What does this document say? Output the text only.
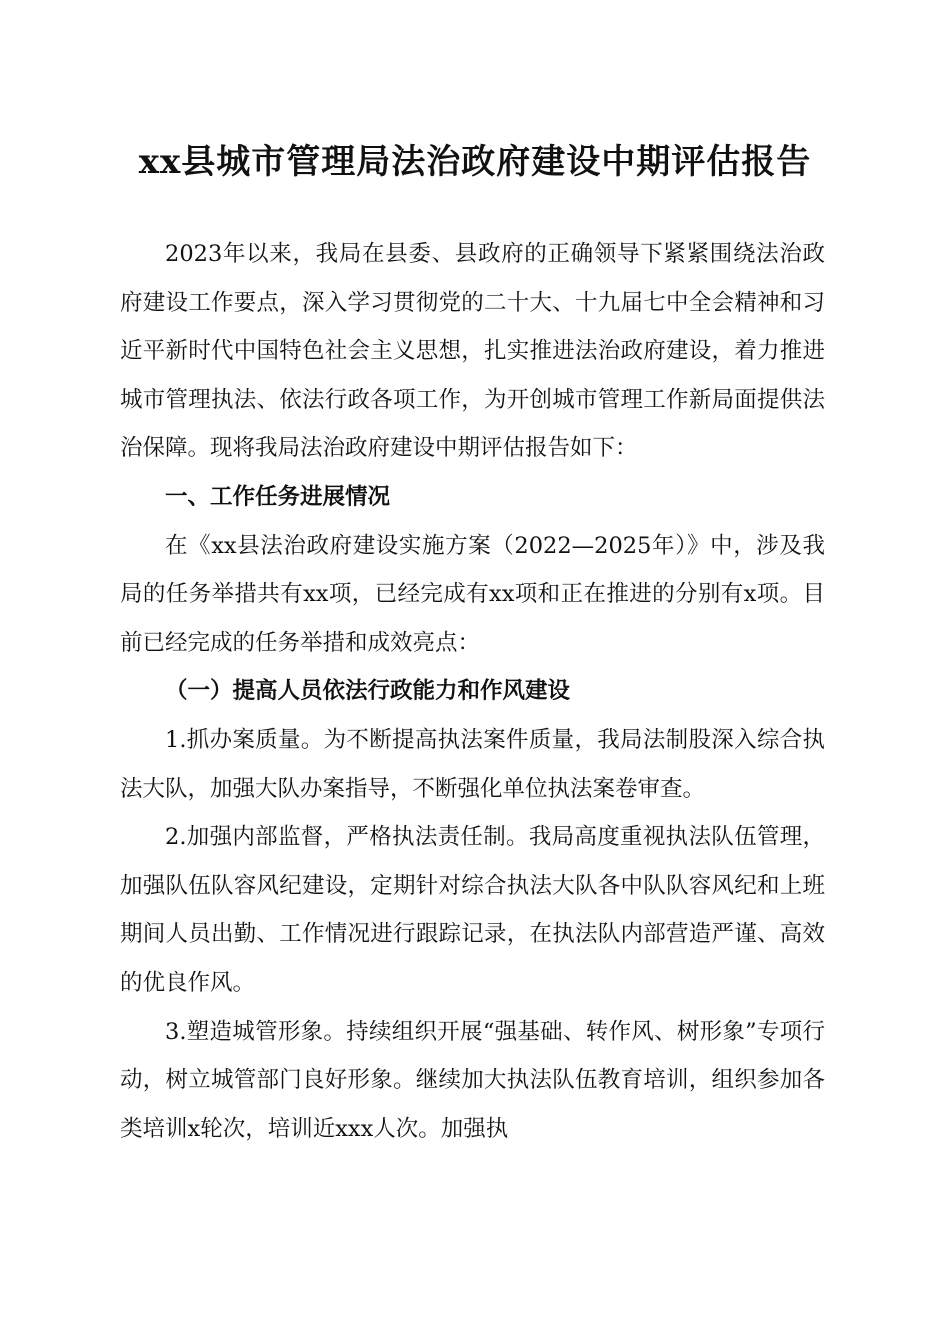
xx县城市管理局法治政府建设中期评估报告

2023年以来，我局在县委、县政府的正确领导下紧紧围绕法治政府建设工作要点，深入学习贯彻党的二十大、十九届七中全会精神和习近平新时代中国特色社会主义思想，扎实推进法治政府建设，着力推进城市管理执法、依法行政各项工作，为开创城市管理工作新局面提供法治保障。现将我局法治政府建设中期评估报告如下：

一、工作任务进展情况

在《xx县法治政府建设实施方案（2022—2025年）》中，涉及我局的任务举措共有xx项，已经完成有xx项和正在推进的分别有x项。目前已经完成的任务举措和成效亮点：

（一）提高人员依法行政能力和作风建设

1.抓办案质量。为不断提高执法案件质量，我局法制股深入综合执法大队，加强大队办案指导，不断强化单位执法案卷审查。

2.加强内部监督，严格执法责任制。我局高度重视执法队伍管理，加强队伍队容风纪建设，定期针对综合执法大队各中队队容风纪和上班期间人员出勤、工作情况进行跟踪记录，在执法队内部营造严谨、高效的优良作风。

3.塑造城管形象。持续组织开展“强基础、转作风、树形象”专项行动，树立城管部门良好形象。继续加大执法队伍教育培训，组织参加各类培训x轮次，培训近xxx人次。加强执
